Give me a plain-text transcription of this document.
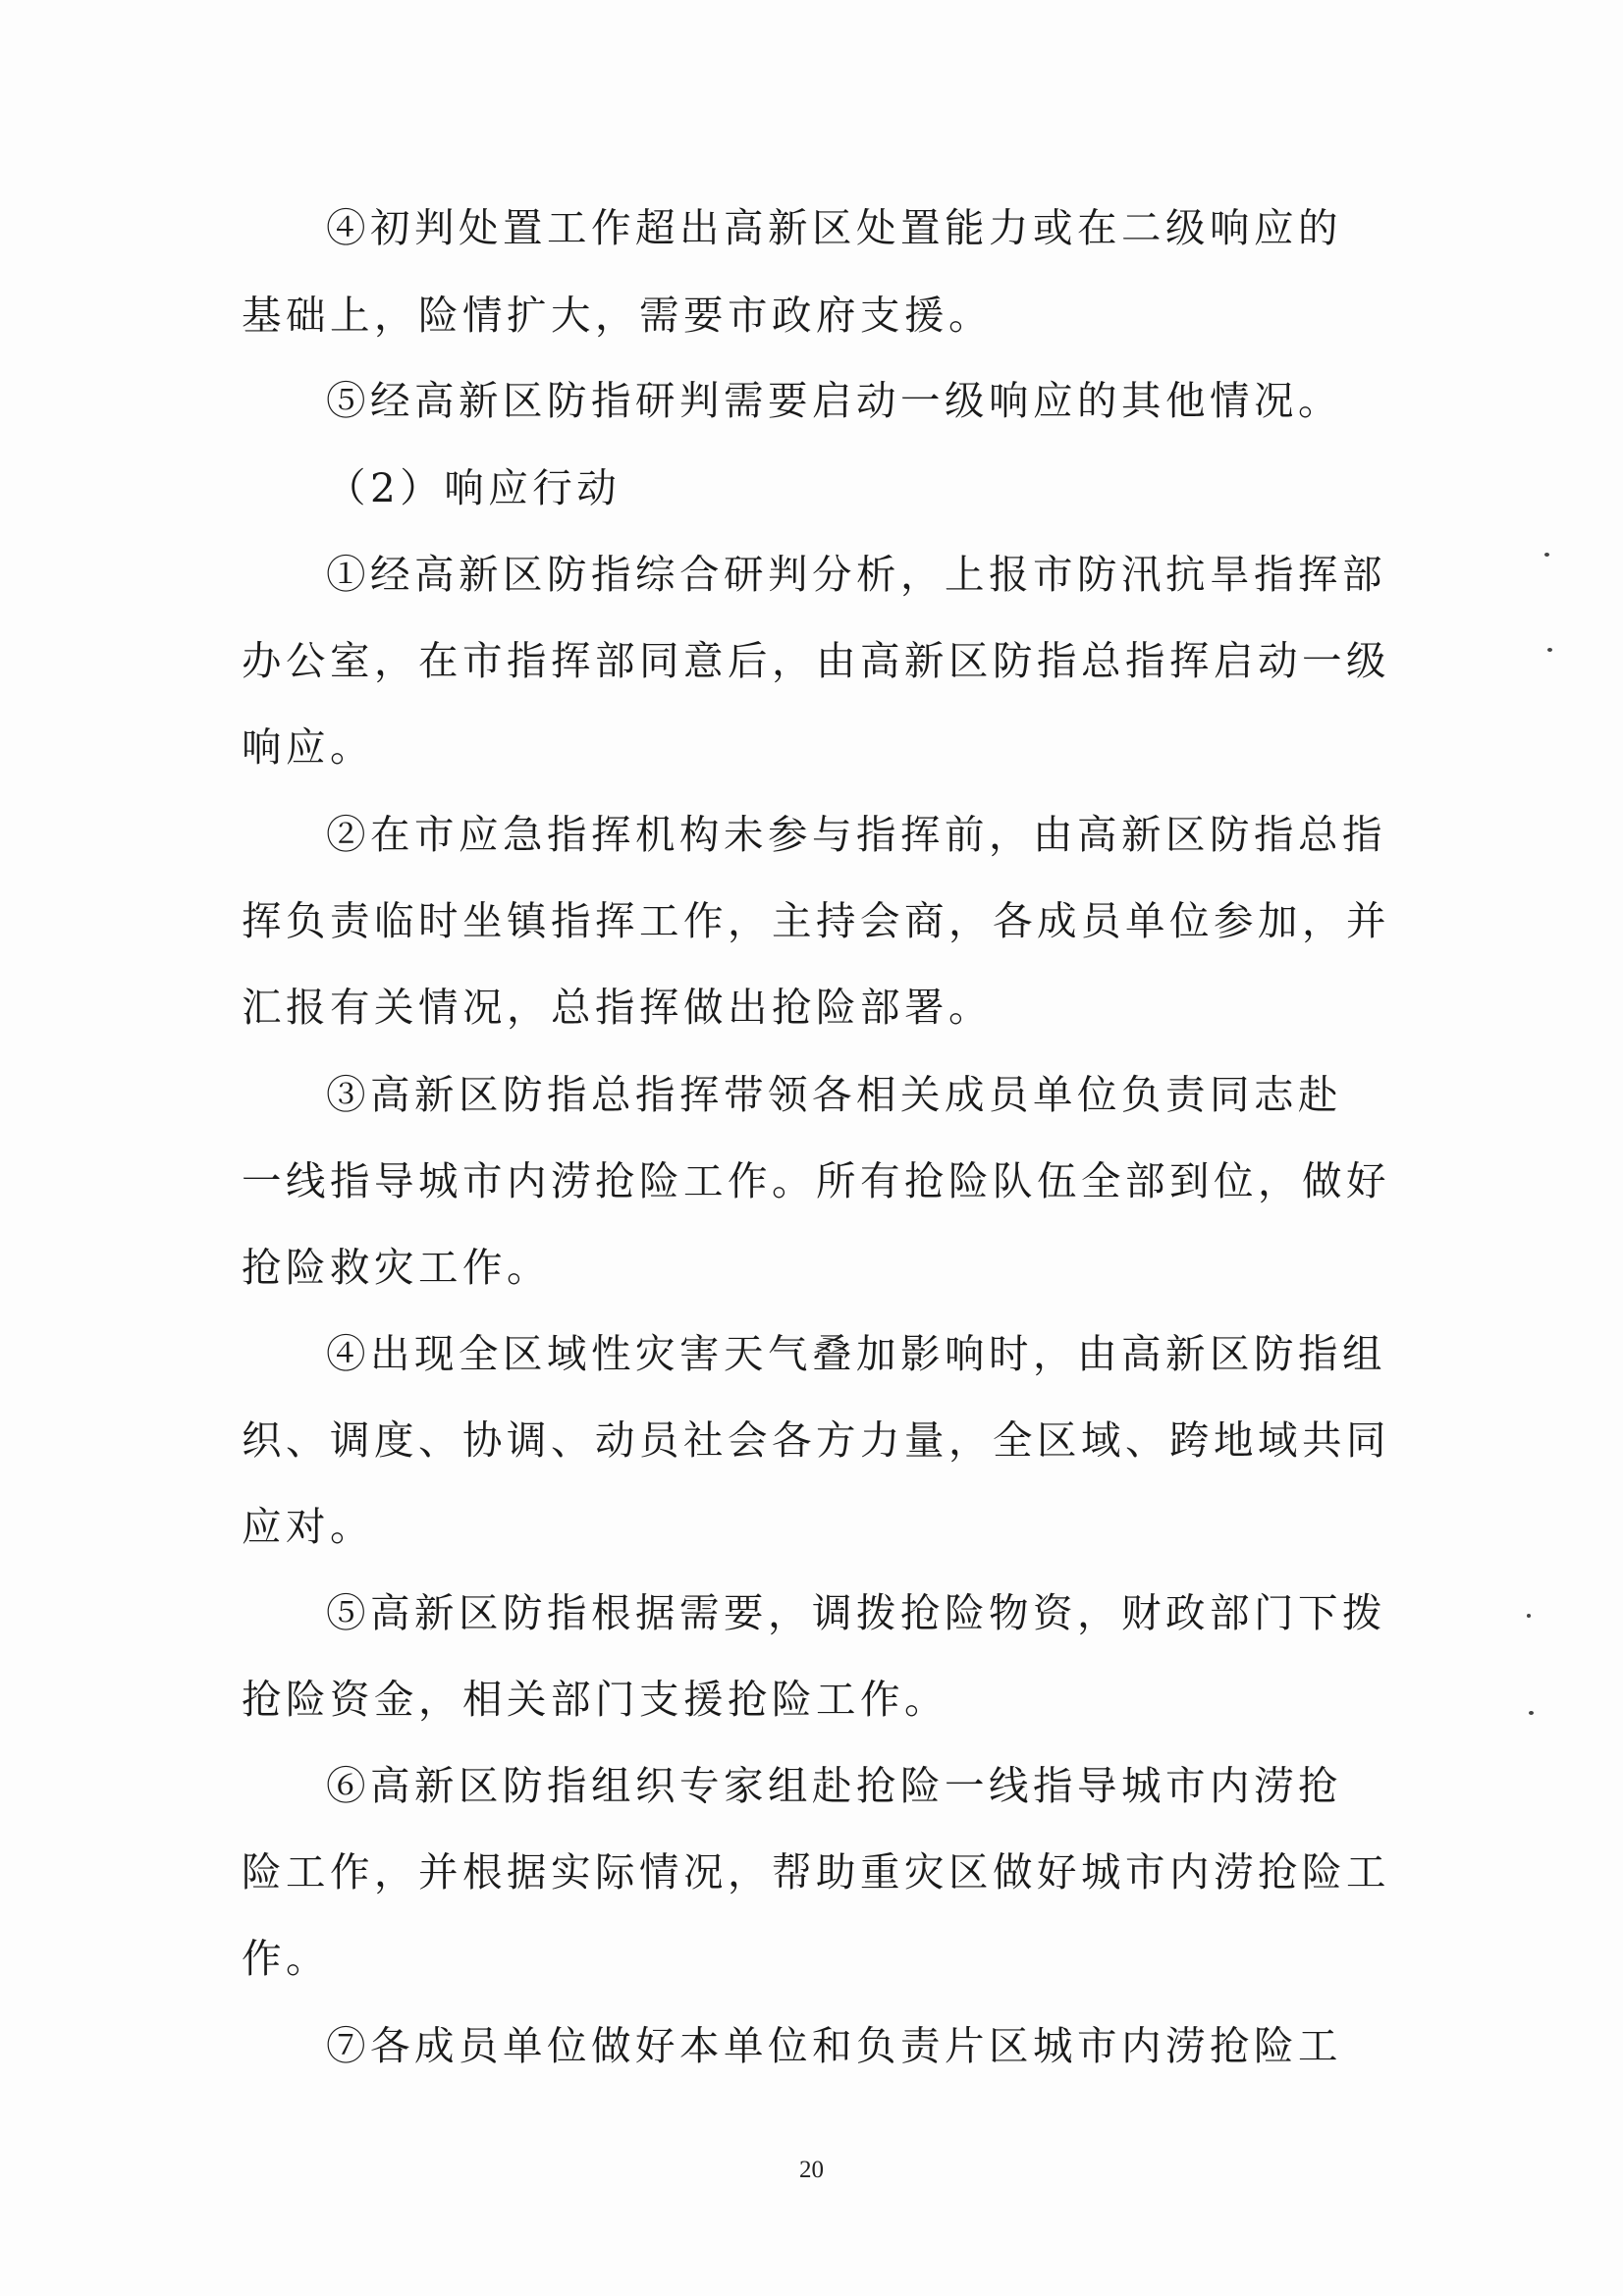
④初判处置工作超出高新区处置能力或在二级响应的
基础上，险情扩大，需要市政府支援。
⑤经高新区防指研判需要启动一级响应的其他情况。
（2）响应行动
①经高新区防指综合研判分析，上报市防汛抗旱指挥部
办公室，在市指挥部同意后，由高新区防指总指挥启动一级
响应。
②在市应急指挥机构未参与指挥前，由高新区防指总指
挥负责临时坐镇指挥工作，主持会商，各成员单位参加，并
汇报有关情况，总指挥做出抢险部署。
③高新区防指总指挥带领各相关成员单位负责同志赴
一线指导城市内涝抢险工作。所有抢险队伍全部到位，做好
抢险救灾工作。
④出现全区域性灾害天气叠加影响时，由高新区防指组
织、调度、协调、动员社会各方力量，全区域、跨地域共同
应对。
⑤高新区防指根据需要，调拨抢险物资，财政部门下拨
抢险资金，相关部门支援抢险工作。
⑥高新区防指组织专家组赴抢险一线指导城市内涝抢
险工作，并根据实际情况，帮助重灾区做好城市内涝抢险工
作。
⑦各成员单位做好本单位和负责片区城市内涝抢险工
20
